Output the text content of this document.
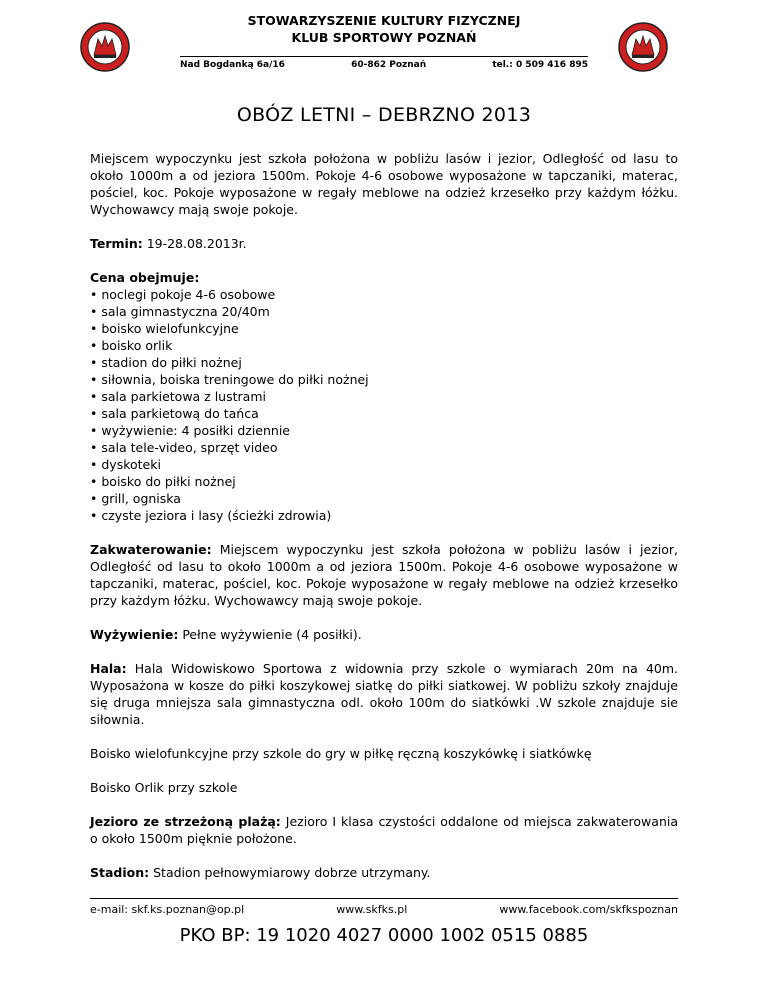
STOWARZYSZENIE KULTURY FIZYCZNEJ
KLUB SPORTOWY POZNAŃ
Nad Bogdanką 6a/16	60-862 Poznań	tel.: 0 509 416 895
OBÓZ LETNI – DEBRZNO 2013

Miejscem wypoczynku jest szkoła położona w pobliżu lasów i jezior, Odległość od lasu to około 1000m a od jeziora 1500m. Pokoje 4-6 osobowe wyposażone w tapczaniki, materac, pościel, koc. Pokoje wyposażone w regały meblowe na odzież krzesełko przy każdym łóżku. Wychowawcy mają swoje pokoje.

Termin: 19-28.08.2013r.

Cena obejmuje:
• noclegi pokoje 4-6 osobowe
• sala gimnastyczna 20/40m
• boisko wielofunkcyjne
• boisko orlik
• stadion do piłki nożnej
• siłownia, boiska treningowe do piłki nożnej
• sala parkietowa z lustrami
• sala parkietową do tańca
• wyżywienie: 4 posiłki dziennie
• sala tele-video, sprzęt video
• dyskoteki
• boisko do piłki nożnej
• grill, ogniska
• czyste jeziora i lasy (ścieżki zdrowia)

Zakwaterowanie: Miejscem wypoczynku jest szkoła położona w pobliżu lasów i jezior, Odległość od lasu to około 1000m a od jeziora 1500m. Pokoje 4-6 osobowe wyposażone w tapczaniki, materac, pościel, koc. Pokoje wyposażone w regały meblowe na odzież krzesełko przy każdym łóżku. Wychowawcy mają swoje pokoje.

Wyżywienie: Pełne wyżywienie (4 posiłki).

Hala: Hala Widowiskowo Sportowa z widownia przy szkole o wymiarach 20m na 40m. Wyposażona w kosze do piłki koszykowej siatkę do piłki siatkowej. W pobliżu szkoły znajduje się druga mniejsza sala gimnastyczna odl. około 100m do siatkówki .W szkole znajduje sie siłownia.

Boisko wielofunkcyjne przy szkole do gry w piłkę ręczną koszykówkę i siatkówkę

Boisko Orlik przy szkole

Jezioro ze strzeżoną plażą: Jezioro I klasa czystości oddalone od miejsca zakwaterowania o około 1500m pięknie położone.

Stadion: Stadion pełnowymiarowy dobrze utrzymany.

e-mail: skf.ks.poznan@op.pl	www.skfks.pl	www.facebook.com/skfkspoznan
PKO BP: 19 1020 4027 0000 1002 0515 0885
